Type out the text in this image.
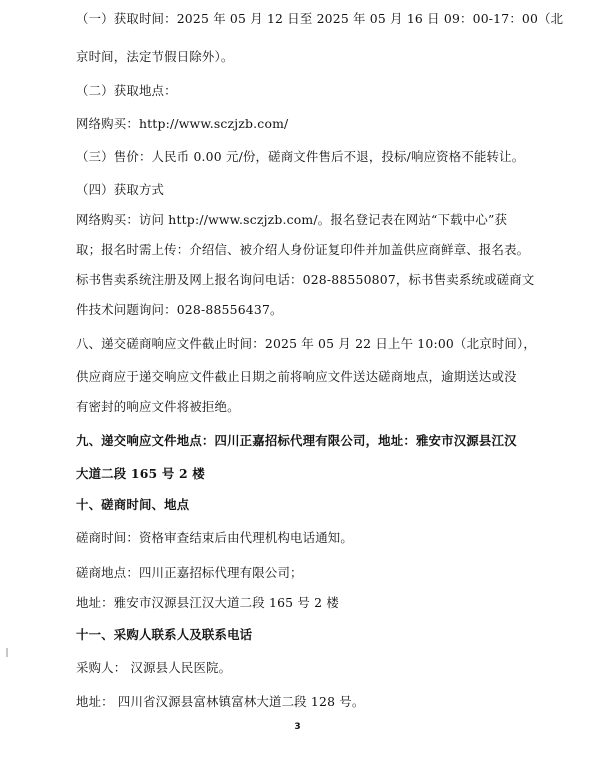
（一）获取时间：2025 年 05 月 12 日至 2025 年 05 月 16 日 09：00-17：00（北
京时间，法定节假日除外）。
（二）获取地点：
网络购买：http://www.sczjzb.com/
（三）售价：人民币 0.00 元/份，磋商文件售后不退，投标/响应资格不能转让。
（四）获取方式
网络购买：访问 http://www.sczjzb.com/。报名登记表在网站“下载中心”获
取；报名时需上传：介绍信、被介绍人身份证复印件并加盖供应商鲜章、报名表。
标书售卖系统注册及网上报名询问电话：028-88550807，标书售卖系统或磋商文
件技术问题询问：028-88556437。
八、递交磋商响应文件截止时间：2025 年 05 月 22 日上午 10:00（北京时间），
供应商应于递交响应文件截止日期之前将响应文件送达磋商地点，逾期送达或没
有密封的响应文件将被拒绝。
九、递交响应文件地点：四川正嘉招标代理有限公司，地址：雅安市汉源县江汉
大道二段 165 号 2 楼
十、磋商时间、地点
磋商时间：资格审查结束后由代理机构电话通知。
磋商地点：四川正嘉招标代理有限公司；
地址：雅安市汉源县江汉大道二段 165 号 2 楼
十一、采购人联系人及联系电话
采购人： 汉源县人民医院。
地址： 四川省汉源县富林镇富林大道二段 128 号。
3
